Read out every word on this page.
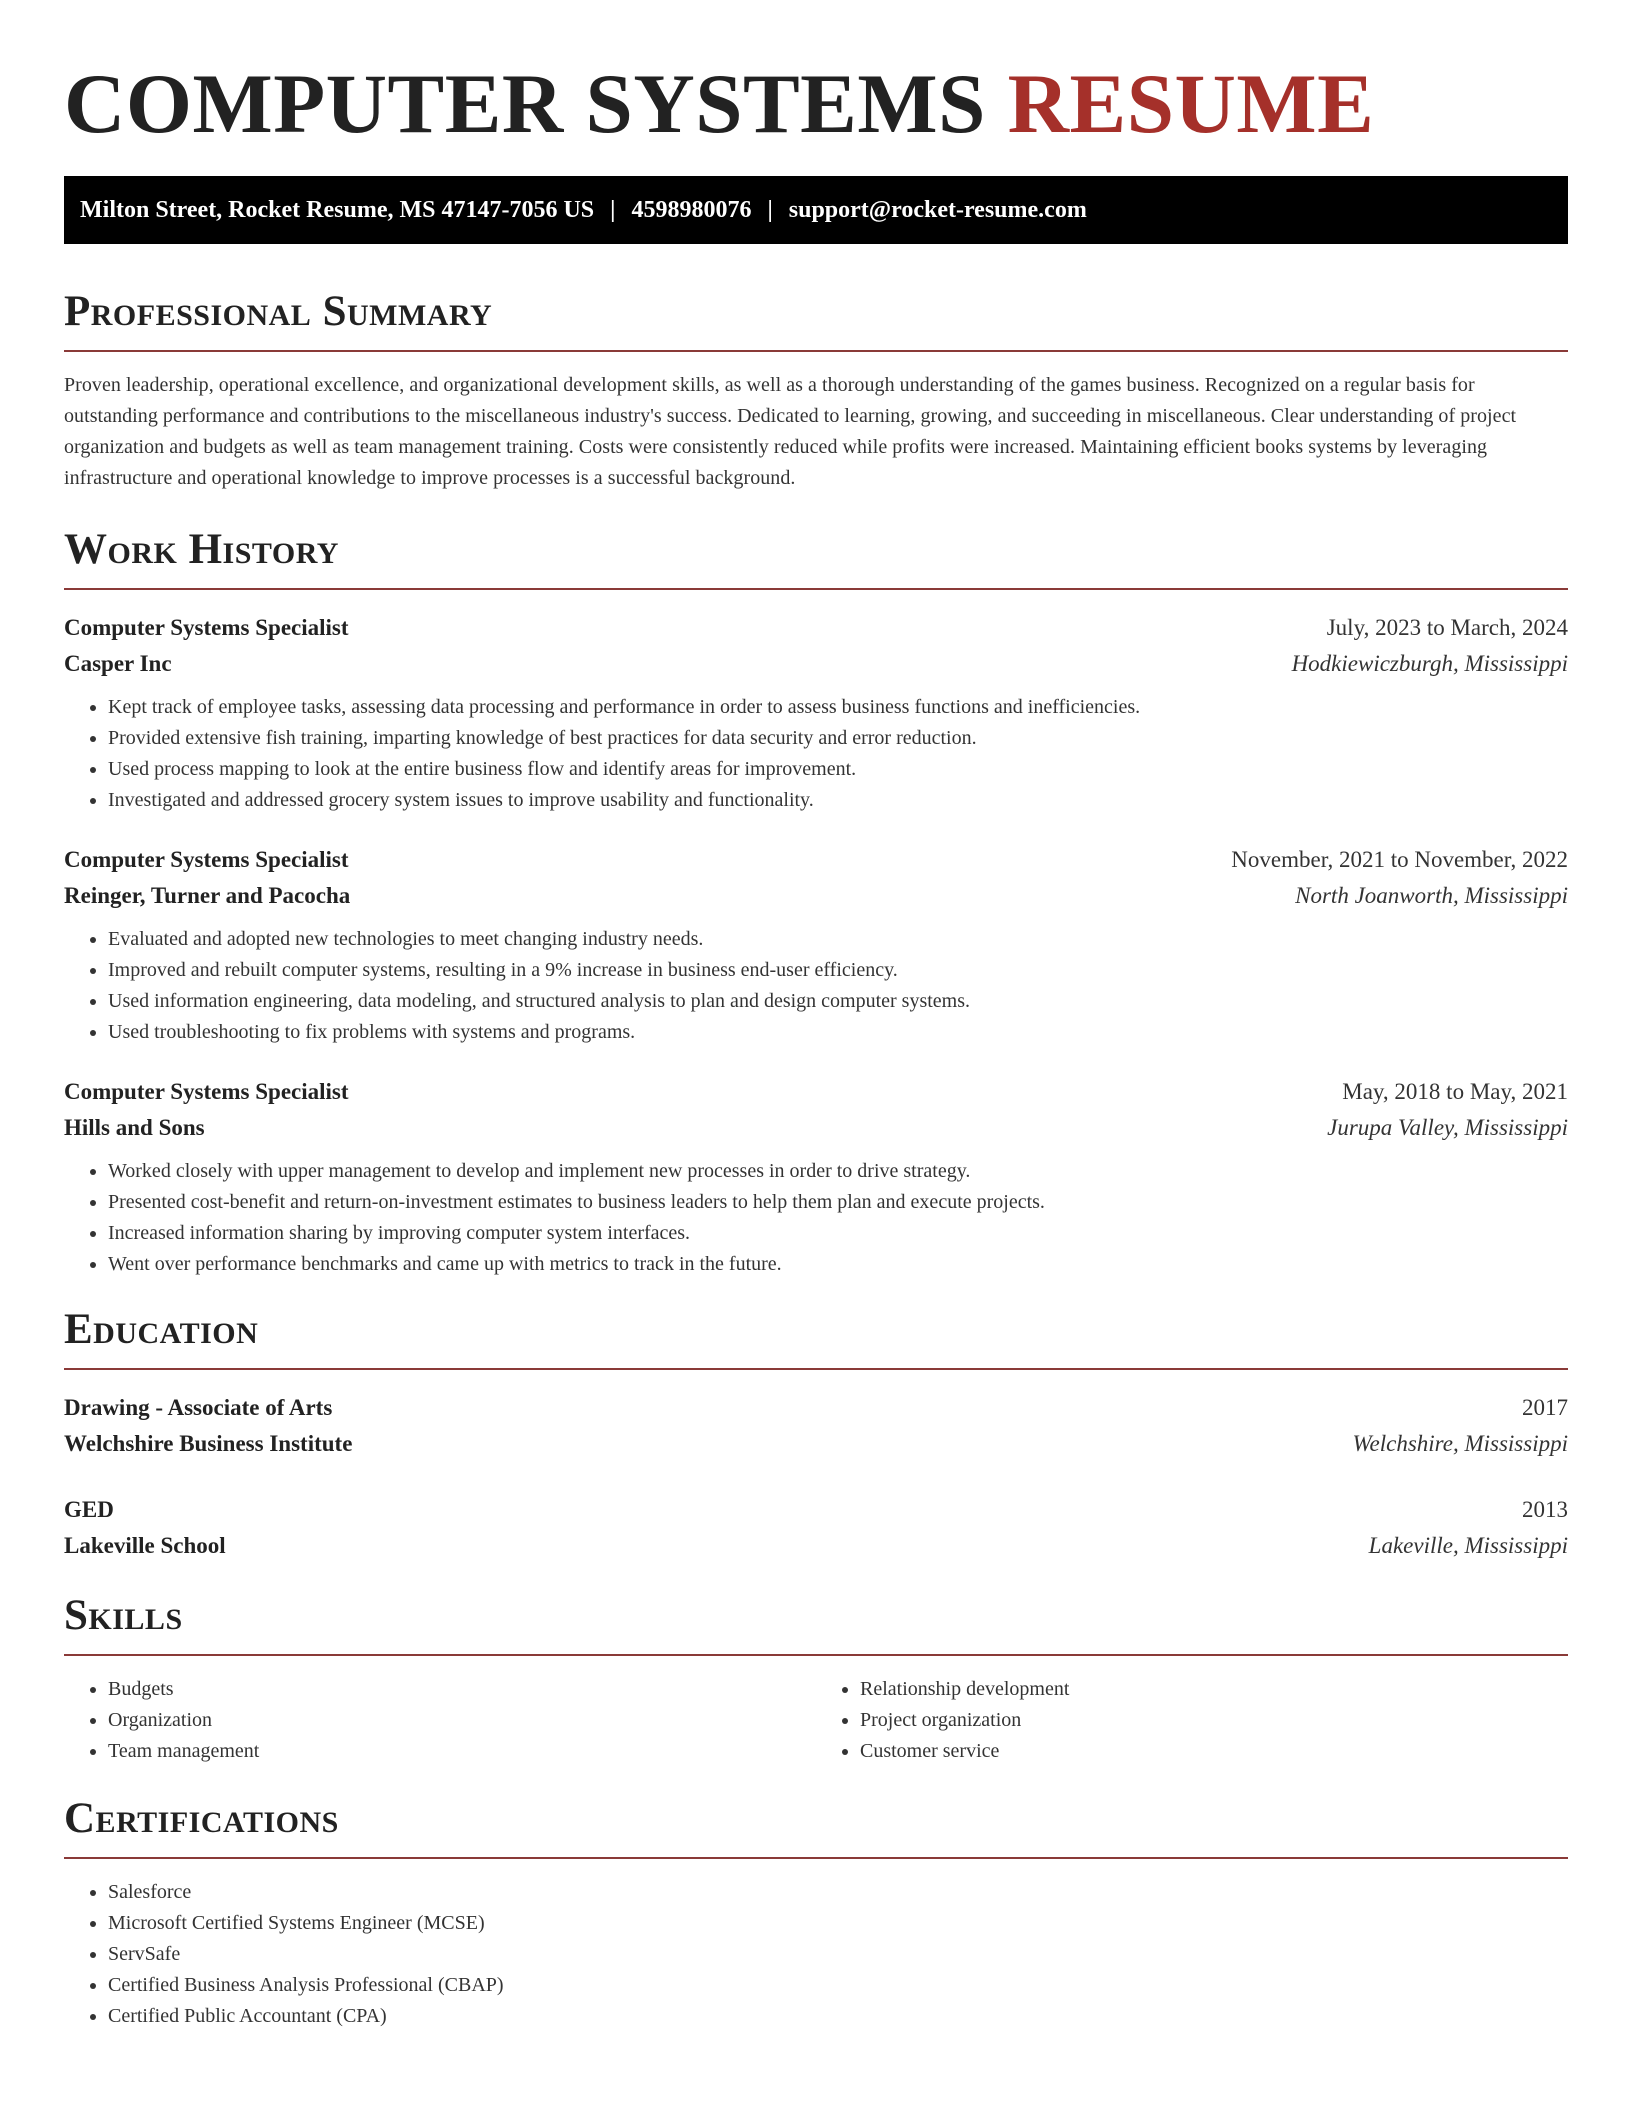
COMPUTER SYSTEMS RESUME
Milton Street, Rocket Resume, MS 47147-7056 US | 4598980076 | support@rocket-resume.com
Professional Summary

Proven leadership, operational excellence, and organizational development skills, as well as a thorough understanding of the games business. Recognized on a regular basis for outstanding performance and contributions to the miscellaneous industry's success. Dedicated to learning, growing, and succeeding in miscellaneous. Clear understanding of project organization and budgets as well as team management training. Costs were consistently reduced while profits were increased. Maintaining efficient books systems by leveraging infrastructure and operational knowledge to improve processes is a successful background.

Work History
Computer Systems Specialist	July, 2023 to March, 2024
Casper Inc	Hodkiewiczburgh, Mississippi
• Kept track of employee tasks, assessing data processing and performance in order to assess business functions and inefficiencies.
• Provided extensive fish training, imparting knowledge of best practices for data security and error reduction.
• Used process mapping to look at the entire business flow and identify areas for improvement.
• Investigated and addressed grocery system issues to improve usability and functionality.
Computer Systems Specialist	November, 2021 to November, 2022
Reinger, Turner and Pacocha	North Joanworth, Mississippi
• Evaluated and adopted new technologies to meet changing industry needs.
• Improved and rebuilt computer systems, resulting in a 9% increase in business end-user efficiency.
• Used information engineering, data modeling, and structured analysis to plan and design computer systems.
• Used troubleshooting to fix problems with systems and programs.
Computer Systems Specialist	May, 2018 to May, 2021
Hills and Sons	Jurupa Valley, Mississippi
• Worked closely with upper management to develop and implement new processes in order to drive strategy.
• Presented cost-benefit and return-on-investment estimates to business leaders to help them plan and execute projects.
• Increased information sharing by improving computer system interfaces.
• Went over performance benchmarks and came up with metrics to track in the future.
Education
Drawing - Associate of Arts	2017
Welchshire Business Institute	Welchshire, Mississippi
GED	2013
Lakeville School	Lakeville, Mississippi
Skills
• Budgets
• Organization
• Team management
• Relationship development
• Project organization
• Customer service
Certifications
• Salesforce
• Microsoft Certified Systems Engineer (MCSE)
• ServSafe
• Certified Business Analysis Professional (CBAP)
• Certified Public Accountant (CPA)
